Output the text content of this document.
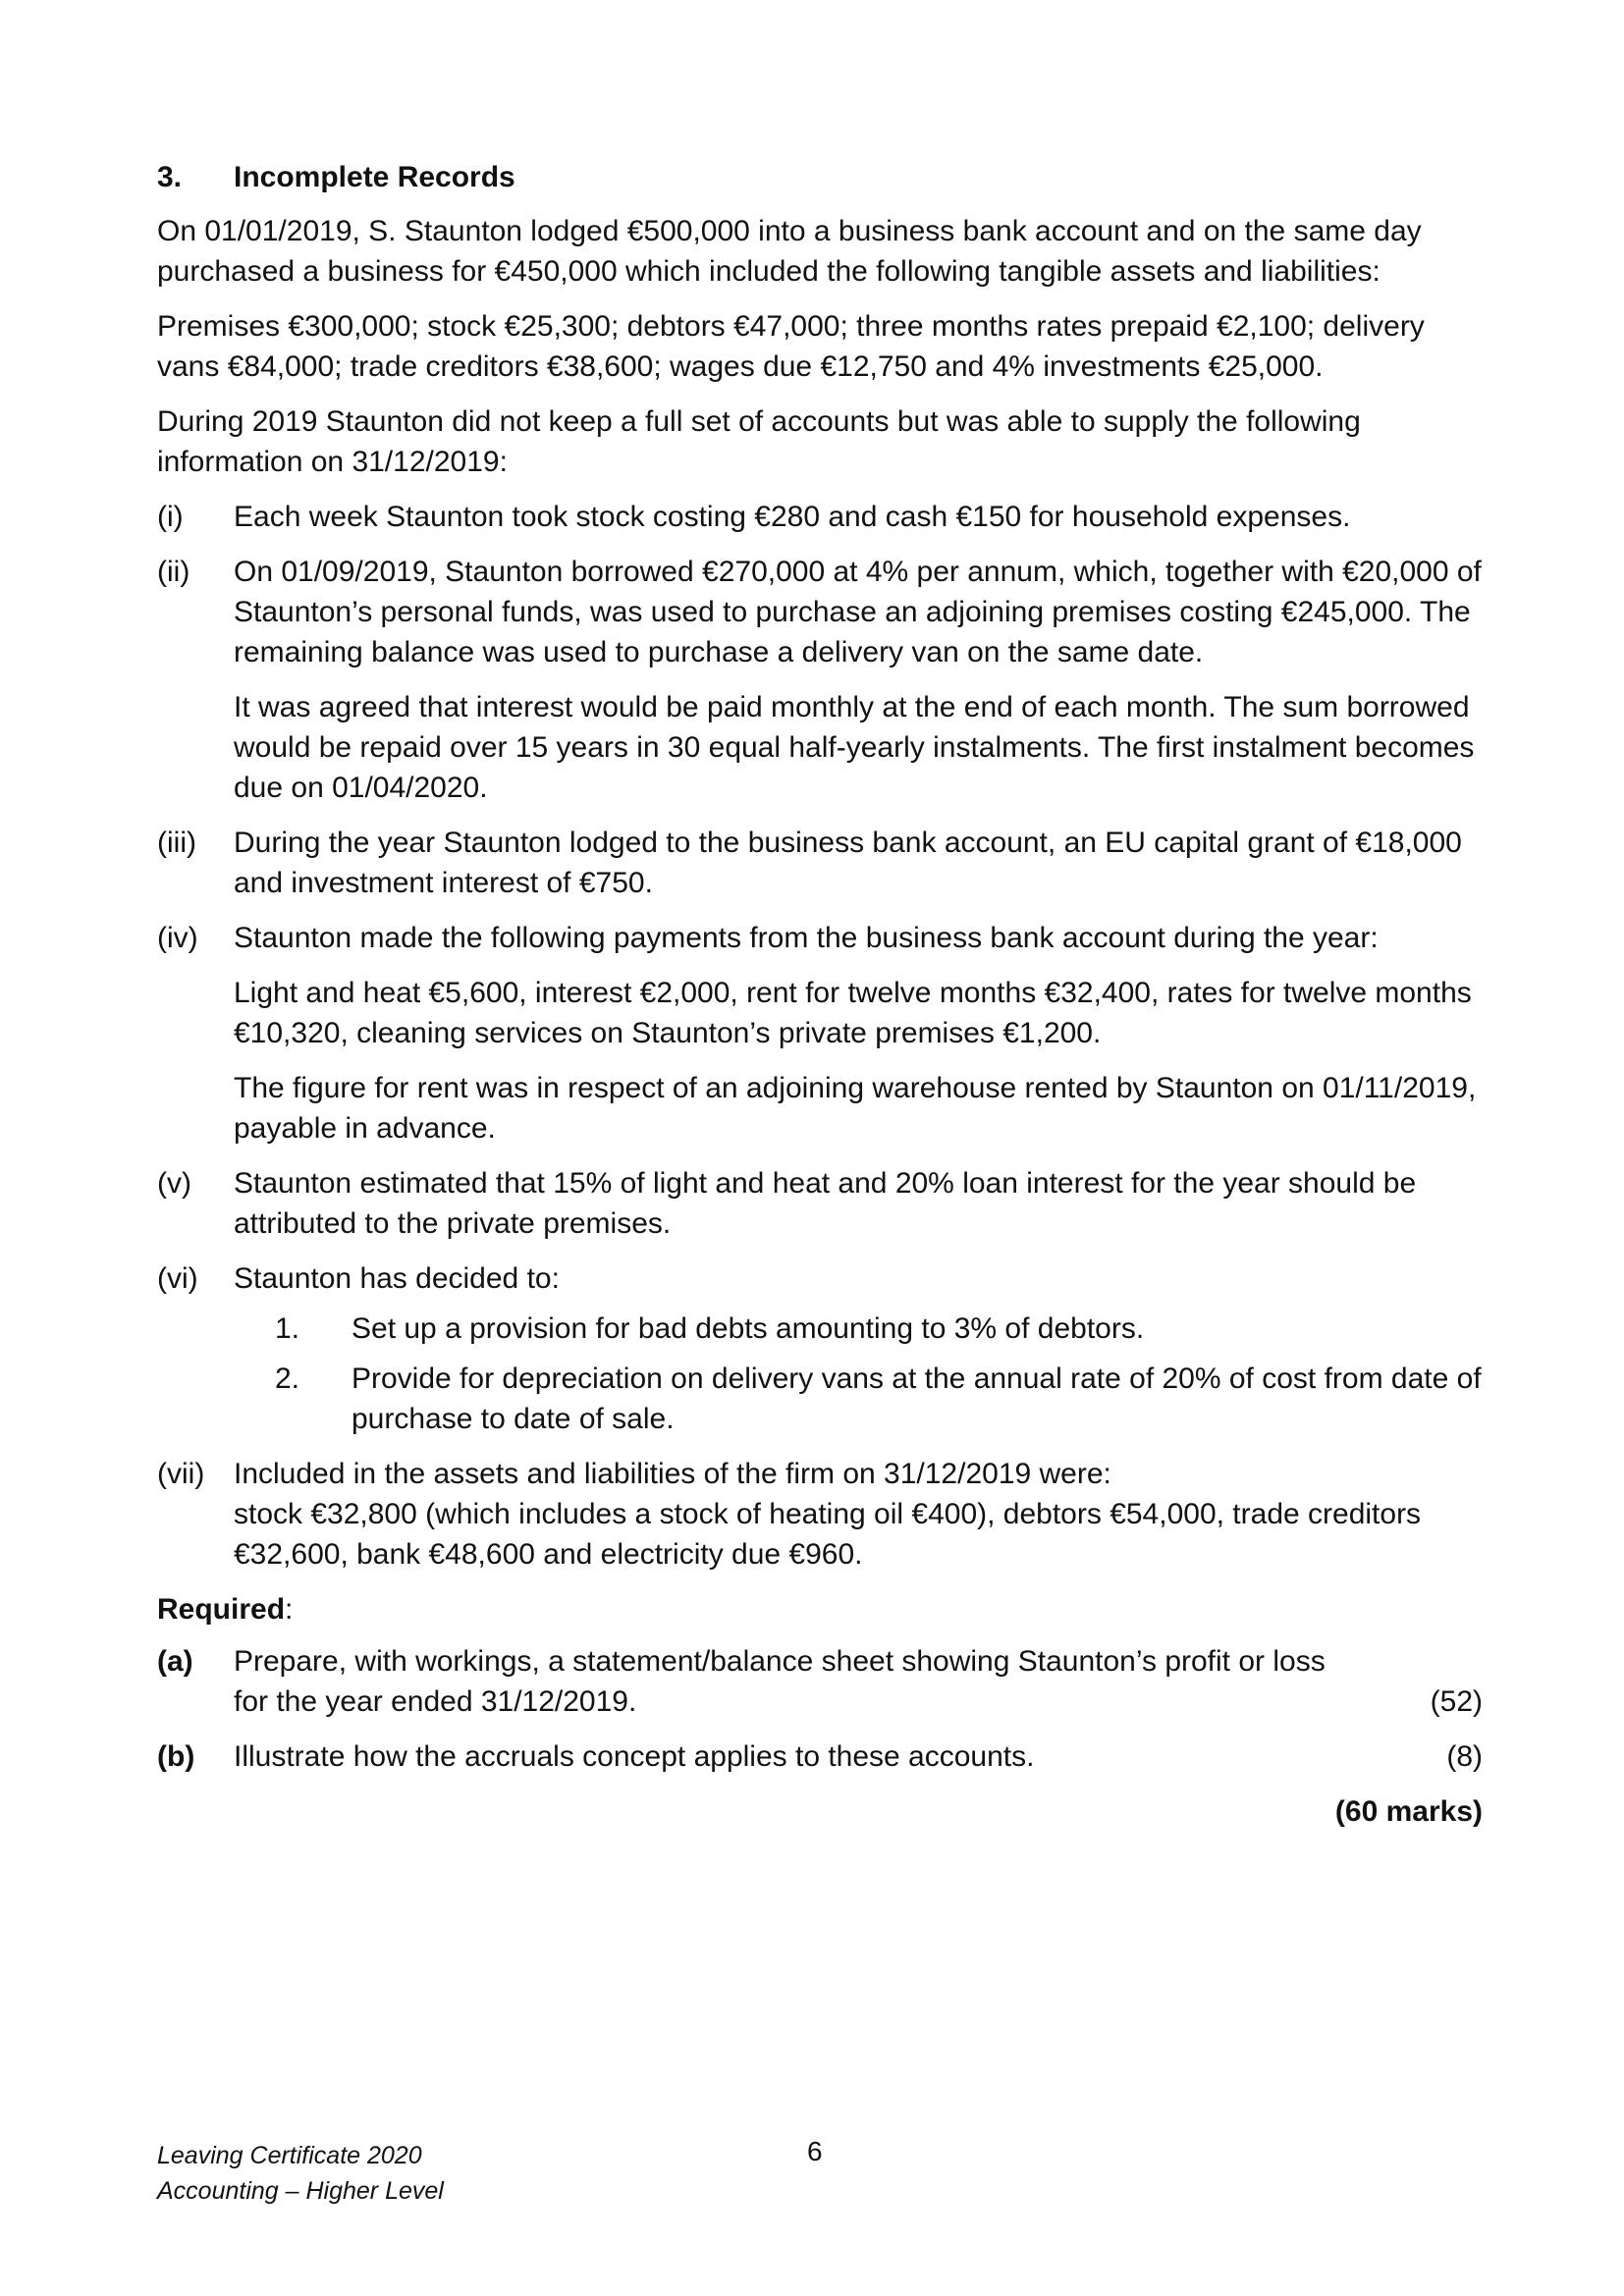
3.	Incomplete Records

On 01/01/2019, S. Staunton lodged €500,000 into a business bank account and on the same day purchased a business for €450,000 which included the following tangible assets and liabilities:

Premises €300,000; stock €25,300; debtors €47,000; three months rates prepaid €2,100; delivery vans €84,000; trade creditors €38,600; wages due €12,750 and 4% investments €25,000.

During 2019 Staunton did not keep a full set of accounts but was able to supply the following information on 31/12/2019:

(i)	Each week Staunton took stock costing €280 and cash €150 for household expenses.

(ii)	On 01/09/2019, Staunton borrowed €270,000 at 4% per annum, which, together with €20,000 of Staunton’s personal funds, was used to purchase an adjoining premises costing €245,000. The remaining balance was used to purchase a delivery van on the same date.

It was agreed that interest would be paid monthly at the end of each month. The sum borrowed would be repaid over 15 years in 30 equal half-yearly instalments. The first instalment becomes due on 01/04/2020.

(iii)	During the year Staunton lodged to the business bank account, an EU capital grant of €18,000 and investment interest of €750.

(iv)	Staunton made the following payments from the business bank account during the year:

Light and heat €5,600, interest €2,000, rent for twelve months €32,400, rates for twelve months €10,320, cleaning services on Staunton’s private premises €1,200.

The figure for rent was in respect of an adjoining warehouse rented by Staunton on 01/11/2019, payable in advance.

(v)	Staunton estimated that 15% of light and heat and 20% loan interest for the year should be attributed to the private premises.

(vi)	Staunton has decided to:

1.	Set up a provision for bad debts amounting to 3% of debtors.
2.	Provide for depreciation on delivery vans at the annual rate of 20% of cost from date of purchase to date of sale.
(vii) Included in the assets and liabilities of the firm on 31/12/2019 were:

stock €32,800 (which includes a stock of heating oil €400), debtors €54,000, trade creditors €32,600, bank €48,600 and electricity due €960.

Required:
(a)	Prepare, with workings, a statement/balance sheet showing Staunton’s profit or loss

for the year ended 31/12/2019.	(52)
(b)	Illustrate how the accruals concept applies to these accounts.	(8)
(60 marks)
Leaving Certificate 2020
Accounting – Higher Level
6
